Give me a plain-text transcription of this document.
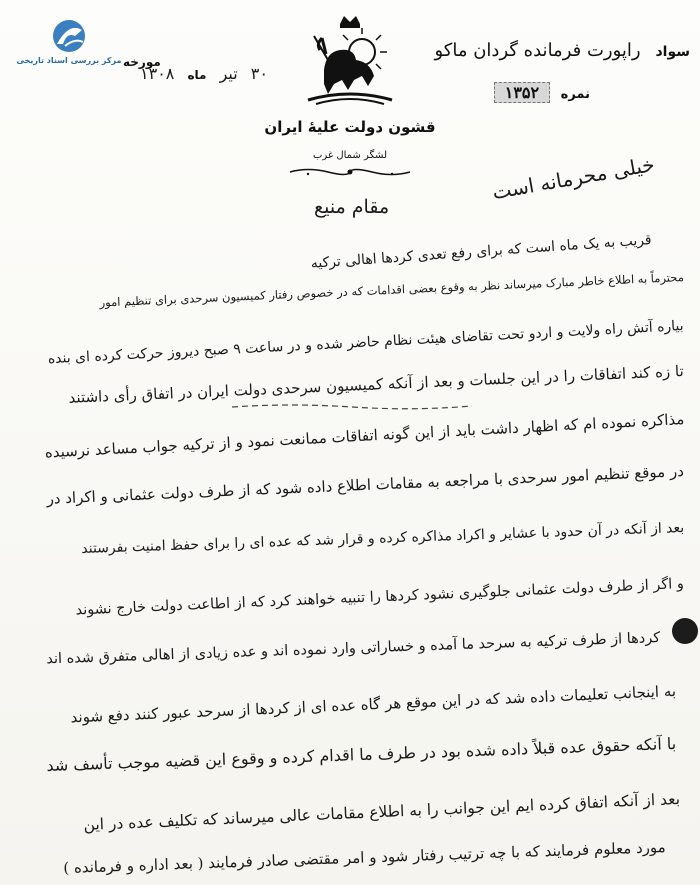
مرکز بررسی اسناد تاریخی
سواد راپورت فرمانده گردان ماکو
نمره ۱۳۵۲
مورخه
۳۰ تیر ماه ۱۳۰۸
قشون دولت علیهٔ ایران
لشگر شمال غرب	خیلی محرمانه است
مقام منیع
قریب به یک ماه است که برای رفع تعدی کردها اهالی ترکیه
محترماً به اطلاع خاطر مبارک میرساند نظر به وقوع بعضی اقدامات که در خصوص رفتار کمیسیون سرحدی برای تنظیم امور
بیاره آتش راه ولایت و اردو تحت تقاضای هیئت نظام حاضر شده و در ساعت ۹ صبح دیروز حرکت کرده ای بنده
تا زه کند اتفاقات را در این جلسات و بعد از آنکه کمیسیون سرحدی دولت ایران در اتفاق رأی داشتند
مذاکره نموده ام که اظهار داشت باید از این گونه اتفاقات ممانعت نمود و از ترکیه جواب مساعد نرسیده
در موقع تنظیم امور سرحدی با مراجعه به مقامات اطلاع داده شود که از طرف دولت عثمانی و اکراد در
بعد از آنکه در آن حدود با عشایر و اکراد مذاکره کرده و قرار شد که عده ای را برای حفظ امنیت بفرستند
و اگر از طرف دولت عثمانی جلوگیری نشود کردها را تنبیه خواهند کرد که از اطاعت دولت خارج نشوند
کردها از طرف ترکیه به سرحد ما آمده و خساراتی وارد نموده اند و عده زیادی از اهالی متفرق شده اند
به اینجانب تعلیمات داده شد که در این موقع هر گاه عده ای از کردها از سرحد عبور کنند دفع شوند
با آنکه حقوق عده قبلاً داده شده بود در طرف ما اقدام کرده و وقوع این قضیه موجب تأسف شد
بعد از آنکه اتفاق کرده ایم این جوانب را به اطلاع مقامات عالی میرساند که تکلیف عده در این
مورد معلوم فرمایند که با چه ترتیب رفتار شود و امر مقتضی صادر فرمایند ( بعد اداره و فرمانده )
